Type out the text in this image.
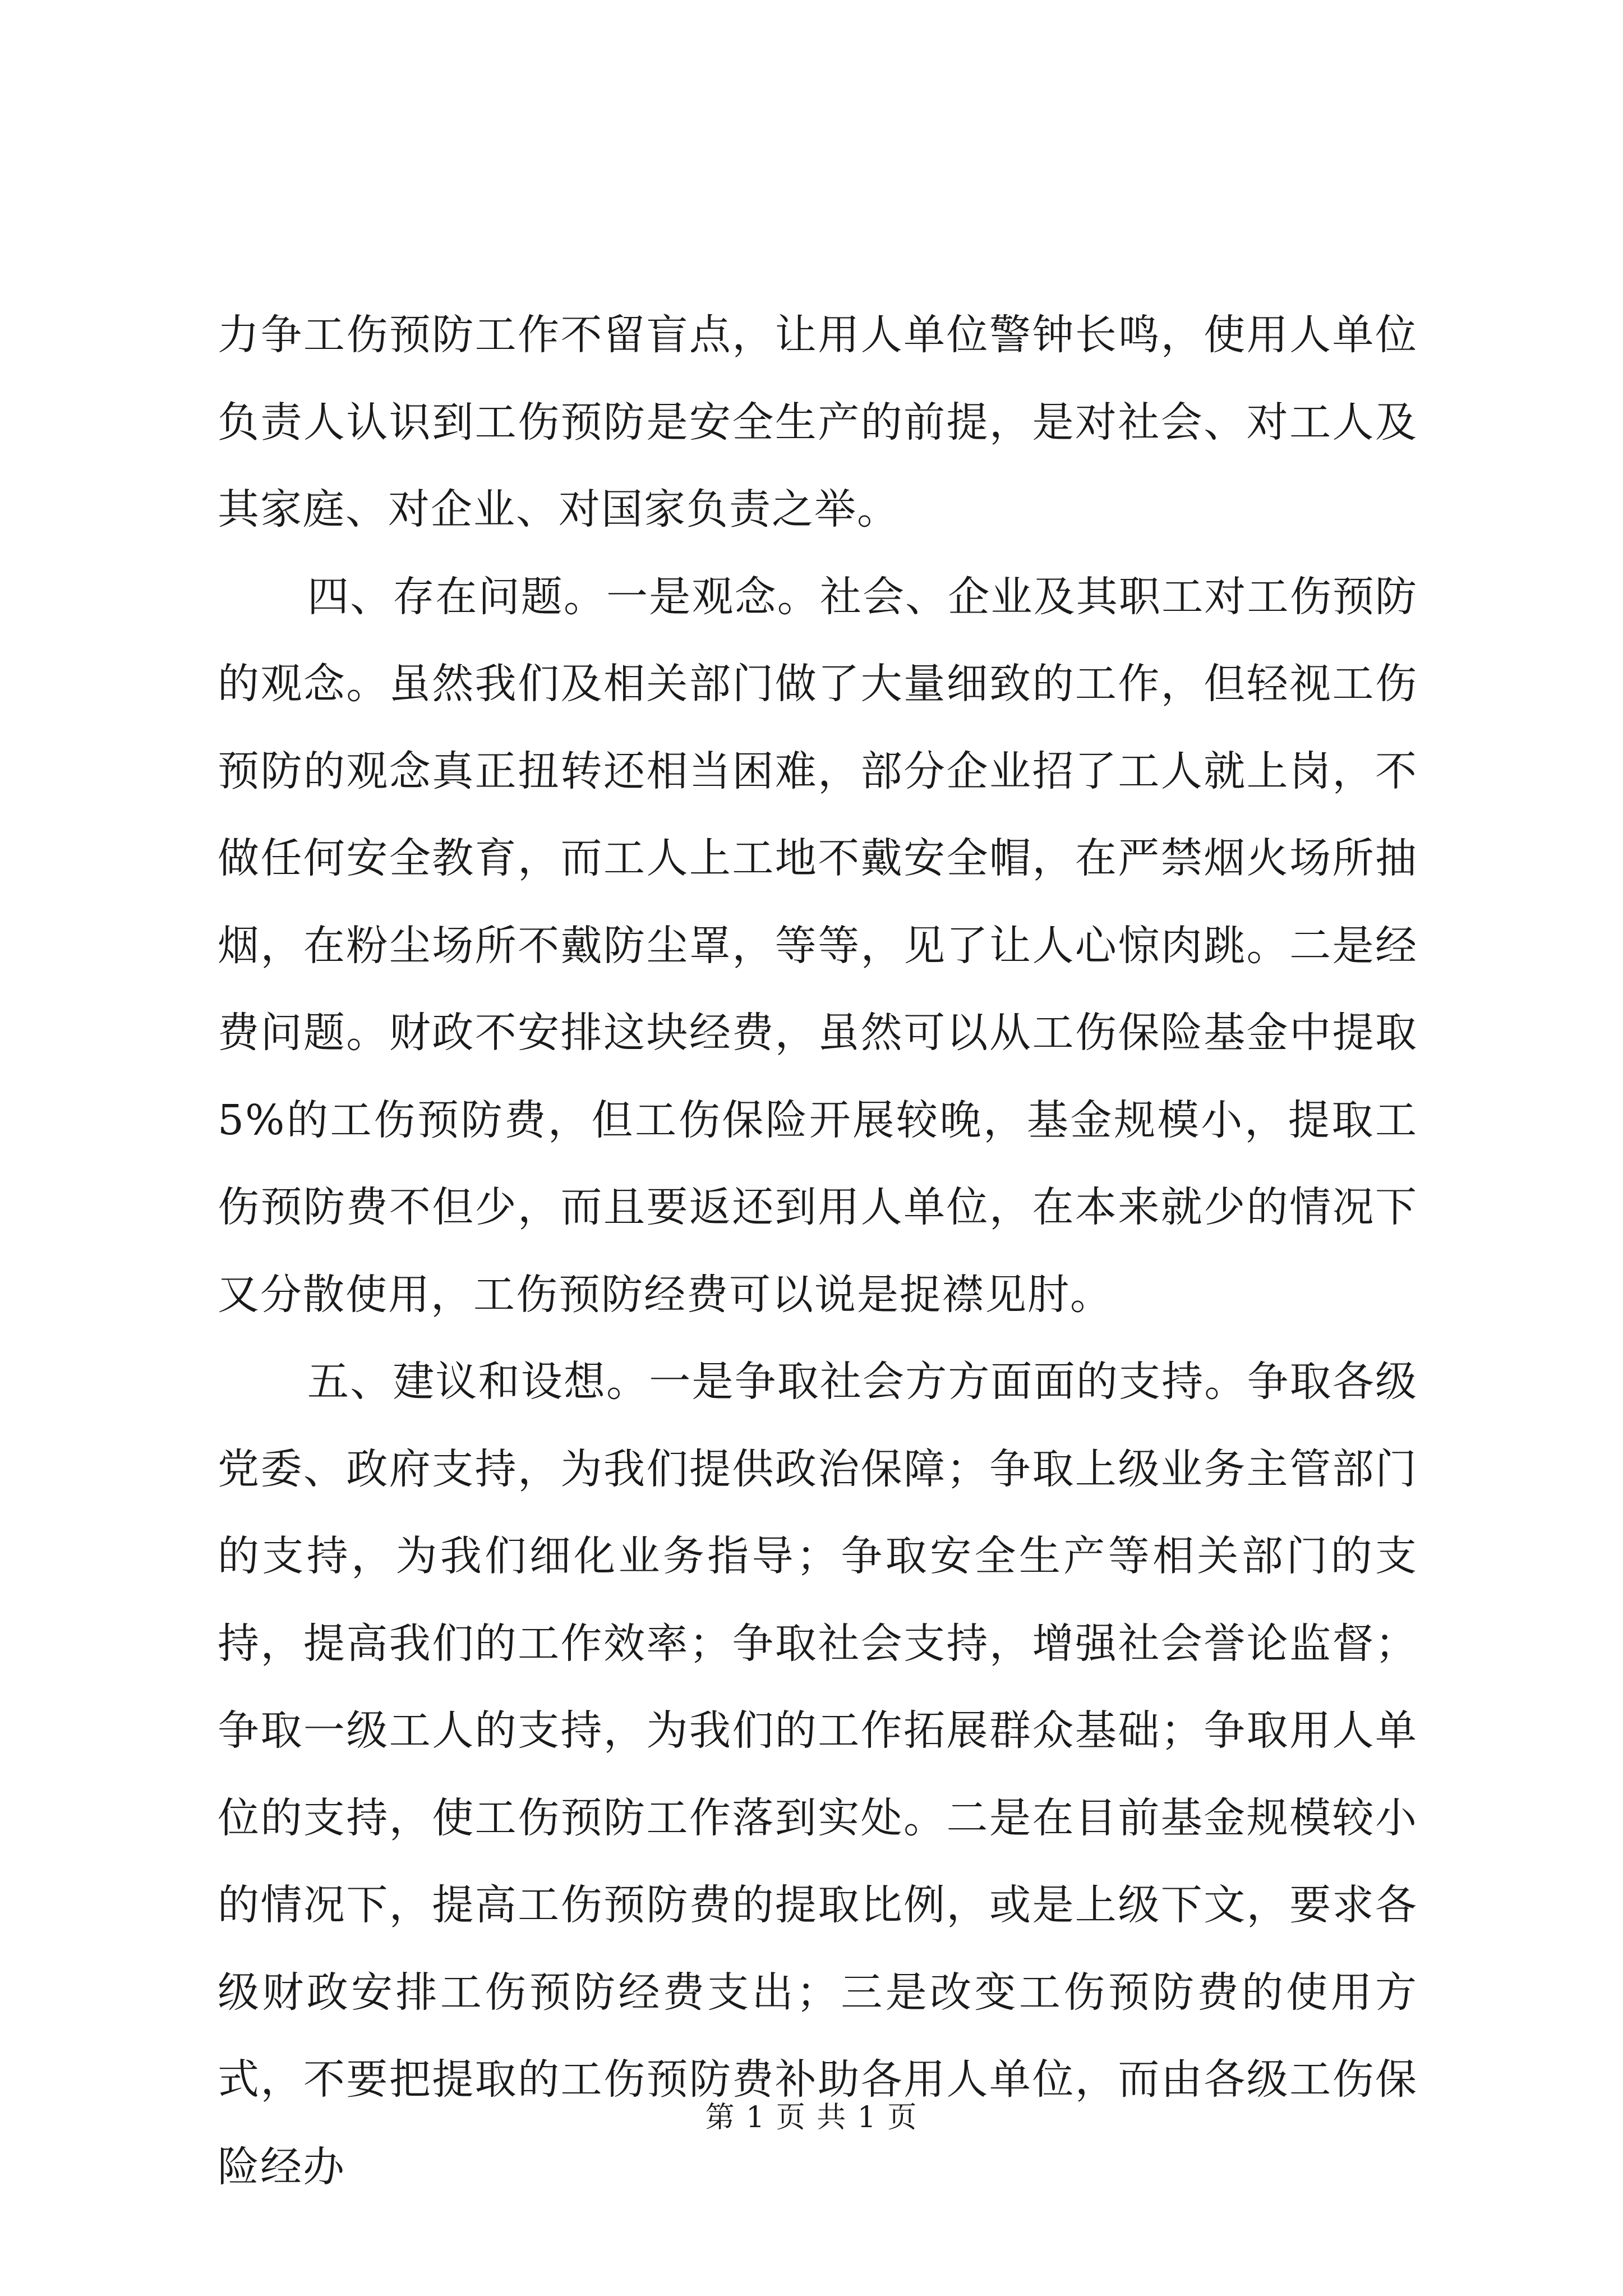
力争工伤预防工作不留盲点，让用人单位警钟长鸣，使用人单位负责人认识到工伤预防是安全生产的前提，是对社会、对工人及其家庭、对企业、对国家负责之举。

四、存在问题。一是观念。社会、企业及其职工对工伤预防的观念。虽然我们及相关部门做了大量细致的工作，但轻视工伤预防的观念真正扭转还相当困难，部分企业招了工人就上岗，不做任何安全教育，而工人上工地不戴安全帽，在严禁烟火场所抽烟，在粉尘场所不戴防尘罩，等等，见了让人心惊肉跳。二是经费问题。财政不安排这块经费，虽然可以从工伤保险基金中提取5%的工伤预防费，但工伤保险开展较晚，基金规模小，提取工伤预防费不但少，而且要返还到用人单位，在本来就少的情况下又分散使用，工伤预防经费可以说是捉襟见肘。

五、建议和设想。一是争取社会方方面面的支持。争取各级党委、政府支持，为我们提供政治保障；争取上级业务主管部门的支持，为我们细化业务指导；争取安全生产等相关部门的支持，提高我们的工作效率；争取社会支持，增强社会誉论监督；争取一级工人的支持，为我们的工作拓展群众基础；争取用人单位的支持，使工伤预防工作落到实处。二是在目前基金规模较小的情况下，提高工伤预防费的提取比例，或是上级下文，要求各级财政安排工伤预防经费支出；三是改变工伤预防费的使用方式，不要把提取的工伤预防费补助各用人单位，而由各级工伤保险经办

第 1 页 共 1 页
